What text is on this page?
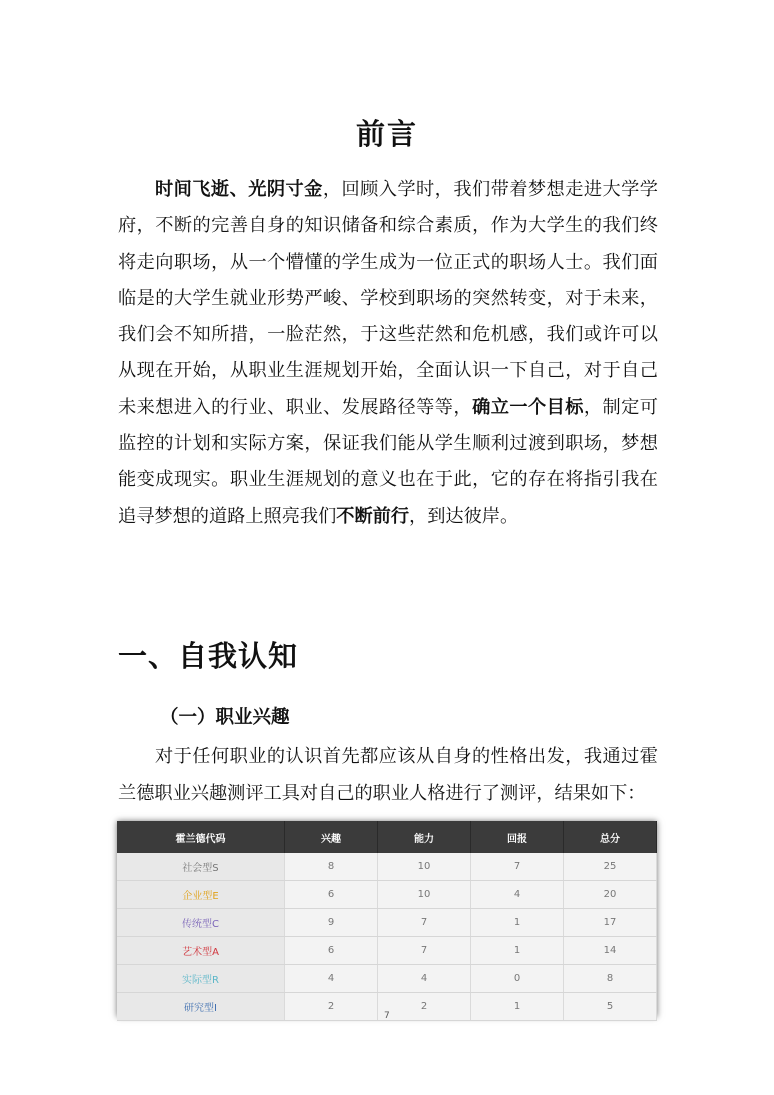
前言

时间飞逝、光阴寸金，回顾入学时，我们带着梦想走进大学学府，不断的完善自身的知识储备和综合素质，作为大学生的我们终将走向职场，从一个懵懂的学生成为一位正式的职场人士。我们面临是的大学生就业形势严峻、学校到职场的突然转变，对于未来，我们会不知所措，一脸茫然，于这些茫然和危机感，我们或许可以从现在开始，从职业生涯规划开始，全面认识一下自己，对于自己未来想进入的行业、职业、发展路径等等，确立一个目标，制定可监控的计划和实际方案，保证我们能从学生顺利过渡到职场，梦想能变成现实。职业生涯规划的意义也在于此，它的存在将指引我在追寻梦想的道路上照亮我们不断前行，到达彼岸。

一、自我认知
（一）职业兴趣

对于任何职业的认识首先都应该从自身的性格出发，我通过霍兰德职业兴趣测评工具对自己的职业人格进行了测评，结果如下：

霍兰德代码	兴趣	能力	回报	总分
社会型S	8	10	7	25
企业型E	6	10	4	20
传统型C	9	7	1	17
艺术型A	6	7	1	14
实际型R	4	4	0	8
研究型I	2	2	1	5
7
